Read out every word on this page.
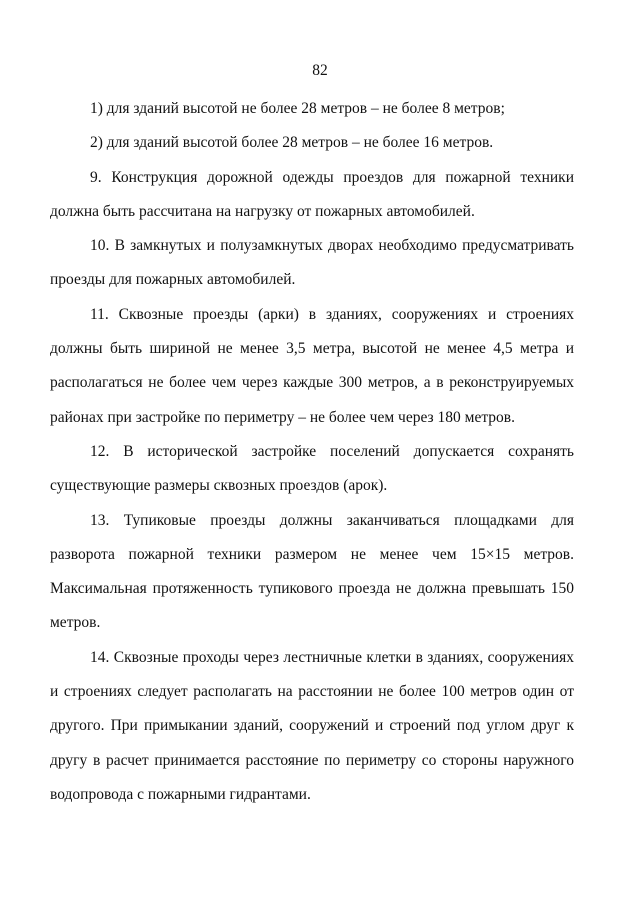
82

1) для зданий высотой не более 28 метров – не более 8 метров;

2) для зданий высотой более 28 метров – не более 16 метров.

9. Конструкция дорожной одежды проездов для пожарной техники должна быть рассчитана на нагрузку от пожарных автомобилей.

10. В замкнутых и полузамкнутых дворах необходимо предусматривать проезды для пожарных автомобилей.

11. Сквозные проезды (арки) в зданиях, сооружениях и строениях должны быть шириной не менее 3,5 метра, высотой не менее 4,5 метра и располагаться не более чем через каждые 300 метров, а в реконструируемых районах при застройке по периметру – не более чем через 180 метров.

12. В исторической застройке поселений допускается сохранять существующие размеры сквозных проездов (арок).

13. Тупиковые проезды должны заканчиваться площадками для разворота пожарной техники размером не менее чем 15×15 метров. Максимальная протяженность тупикового проезда не должна превышать 150 метров.

14. Сквозные проходы через лестничные клетки в зданиях, сооружениях и строениях следует располагать на расстоянии не более 100 метров один от другого. При примыкании зданий, сооружений и строений под углом друг к другу в расчет принимается расстояние по периметру со стороны наружного водопровода с пожарными гидрантами.
